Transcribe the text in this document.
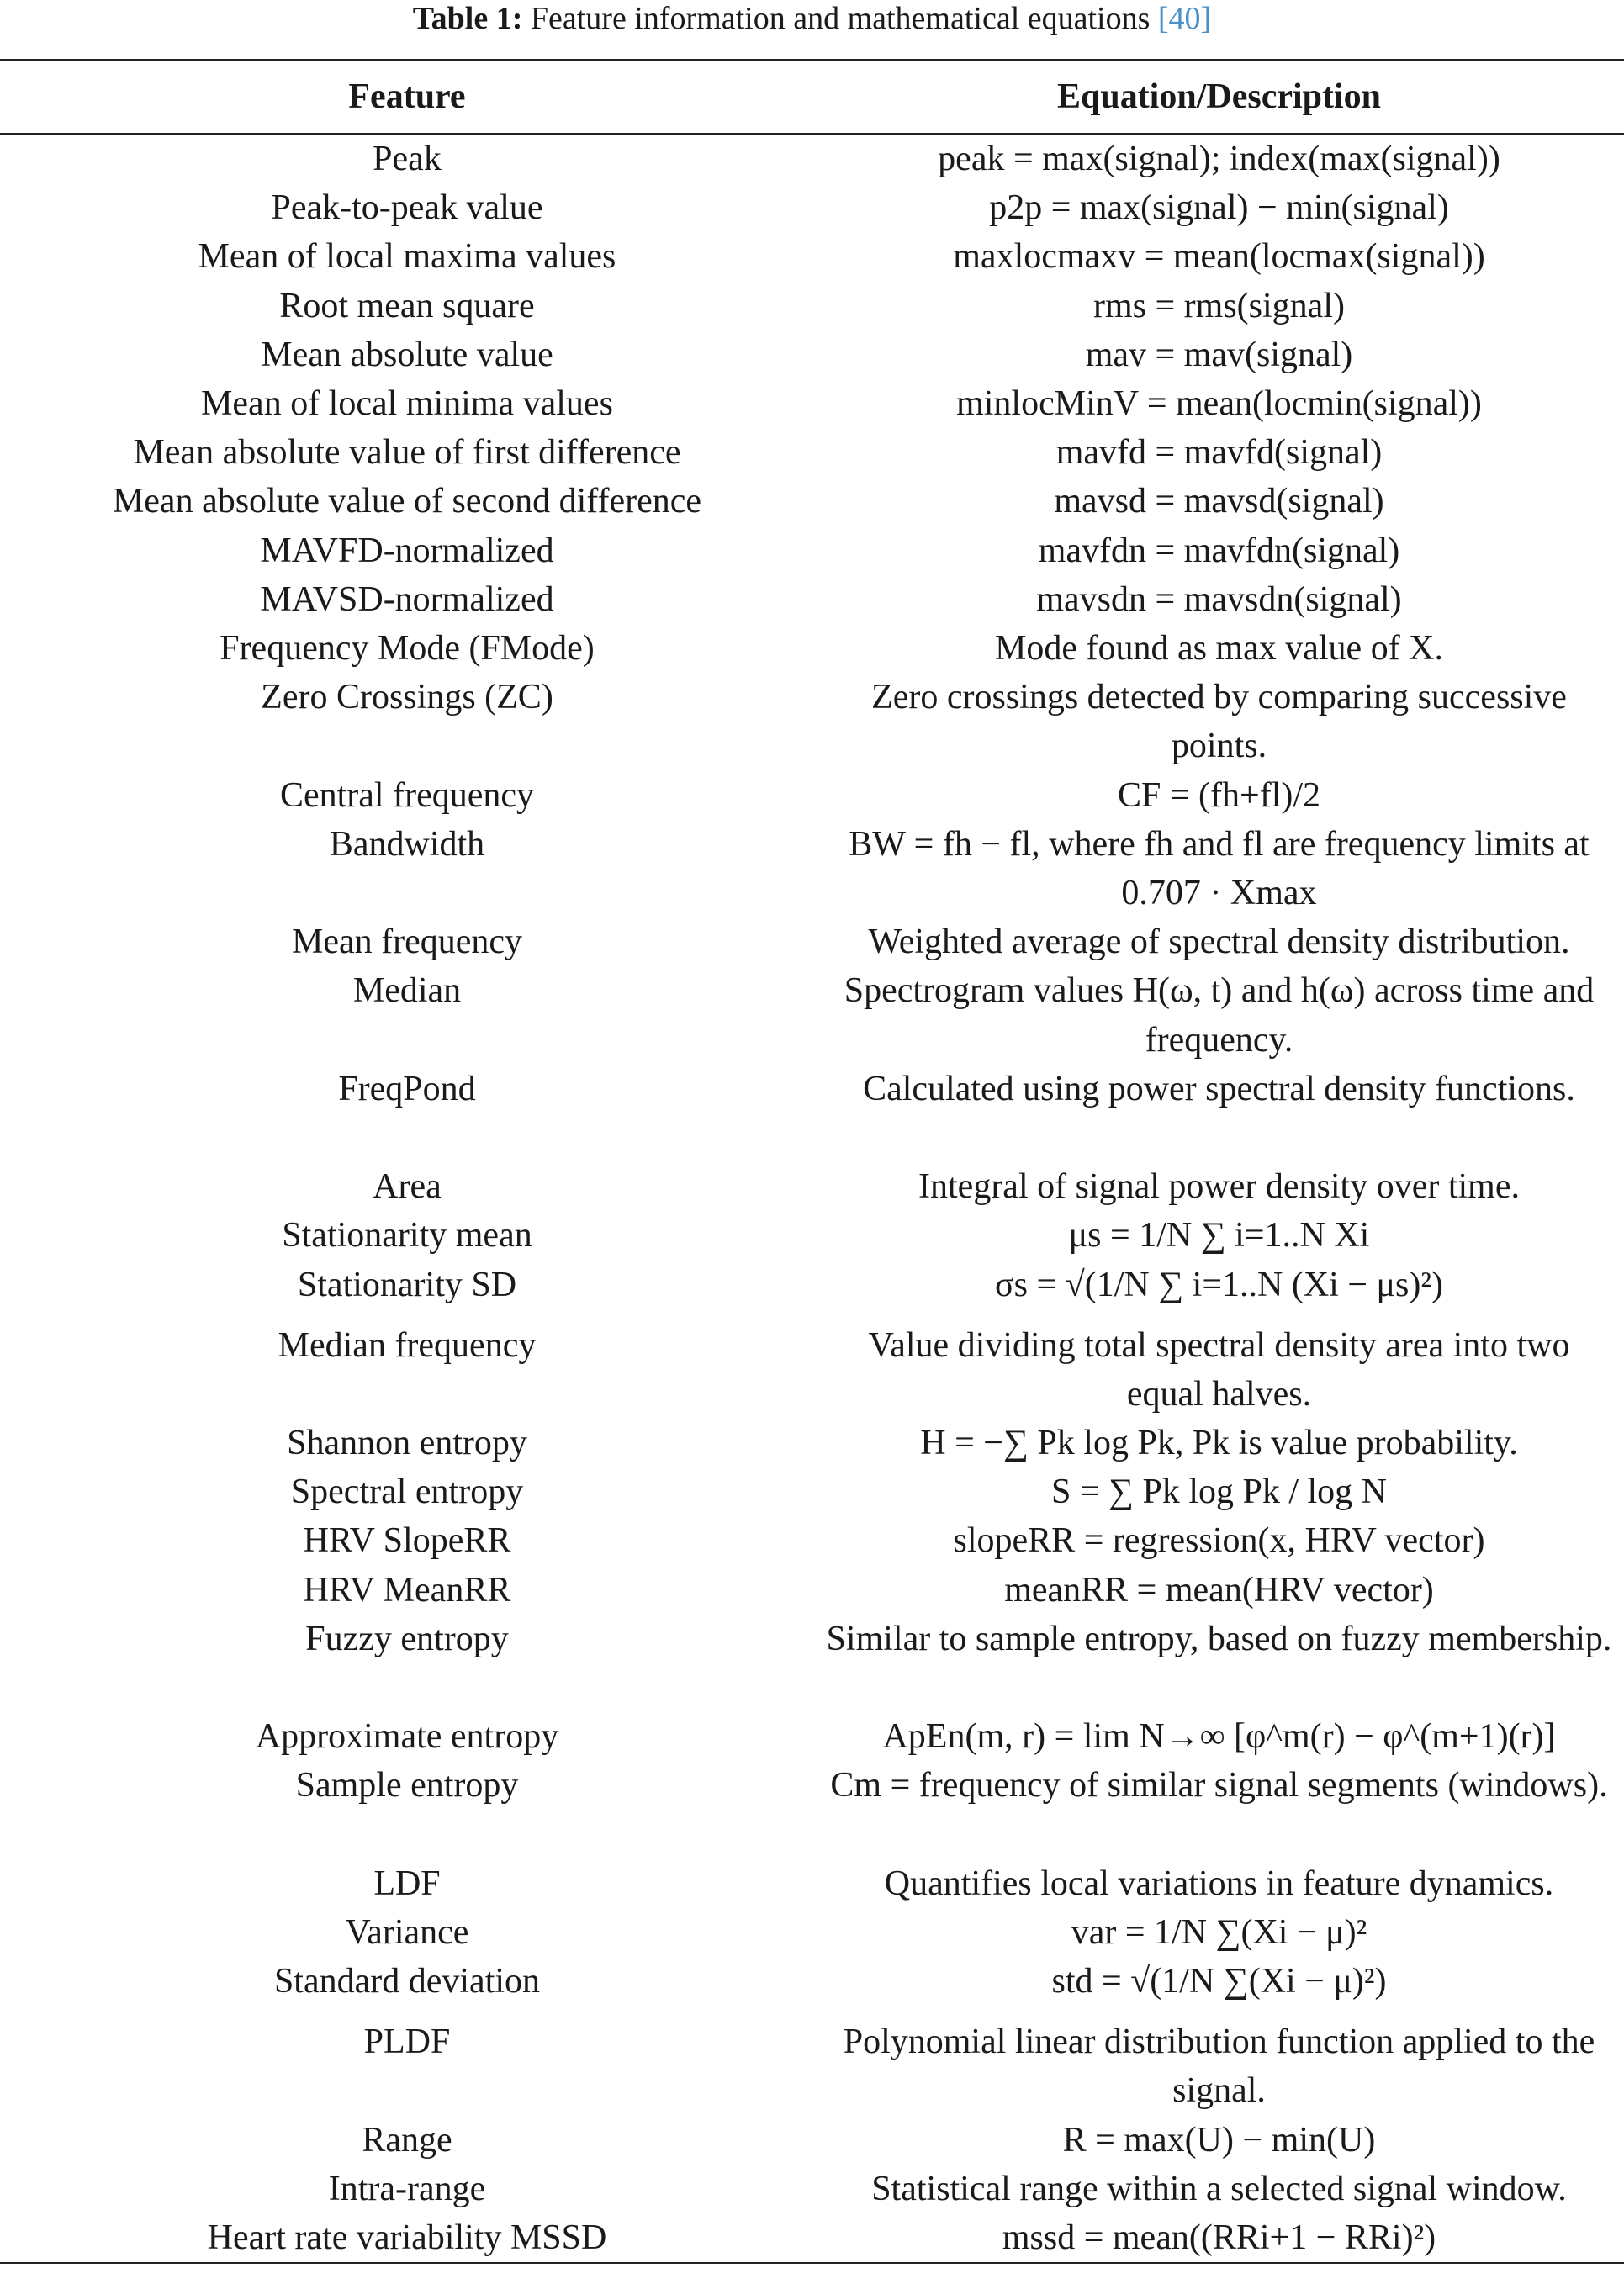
Table 1: Feature information and mathematical equations [40]
Feature	Equation/Description
Peak	peak = max(signal); index(max(signal))
Peak-to-peak value	p2p = max(signal) − min(signal)
Mean of local maxima values	maxlocmaxv = mean(locmax(signal))
Root mean square	rms = rms(signal)
Mean absolute value	mav = mav(signal)
Mean of local minima values	minlocMinV = mean(locmin(signal))
Mean absolute value of first difference	mavfd = mavfd(signal)
Mean absolute value of second difference	mavsd = mavsd(signal)
MAVFD-normalized	mavfdn = mavfdn(signal)
MAVSD-normalized	mavsdn = mavsdn(signal)
Frequency Mode (FMode)	Mode found as max value of X.
Zero Crossings (ZC)	Zero crossings detected by comparing successive points.
Central frequency	CF = (fh+fl)/2
Bandwidth	BW = fh − fl, where fh and fl are frequency limits at 0.707 · Xmax
Mean frequency	Weighted average of spectral density distribution.
Median	Spectrogram values H(ω, t) and h(ω) across time and frequency.
FreqPond	Calculated using power spectral density functions.
Area	Integral of signal power density over time.
Stationarity mean	μs = 1/N ∑ i=1..N Xi
Stationarity SD	σs = √(1/N ∑ i=1..N (Xi − μs)²)
Median frequency	Value dividing total spectral density area into two equal halves.
Shannon entropy	H = −∑ Pk log Pk, Pk is value probability.
Spectral entropy	S = ∑ Pk log Pk / log N
HRV SlopeRR	slopeRR = regression(x, HRV vector)
HRV MeanRR	meanRR = mean(HRV vector)
Fuzzy entropy	Similar to sample entropy, based on fuzzy membership.
Approximate entropy	ApEn(m, r) = lim N→∞ [φ^m(r) − φ^(m+1)(r)]
Sample entropy	Cm = frequency of similar signal segments (windows).
LDF	Quantifies local variations in feature dynamics.
Variance	var = 1/N ∑(Xi − μ)²
Standard deviation	std = √(1/N ∑(Xi − μ)²)
PLDF	Polynomial linear distribution function applied to the signal.
Range	R = max(U) − min(U)
Intra-range	Statistical range within a selected signal window.
Heart rate variability MSSD	mssd = mean((RRi+1 − RRi)²)
